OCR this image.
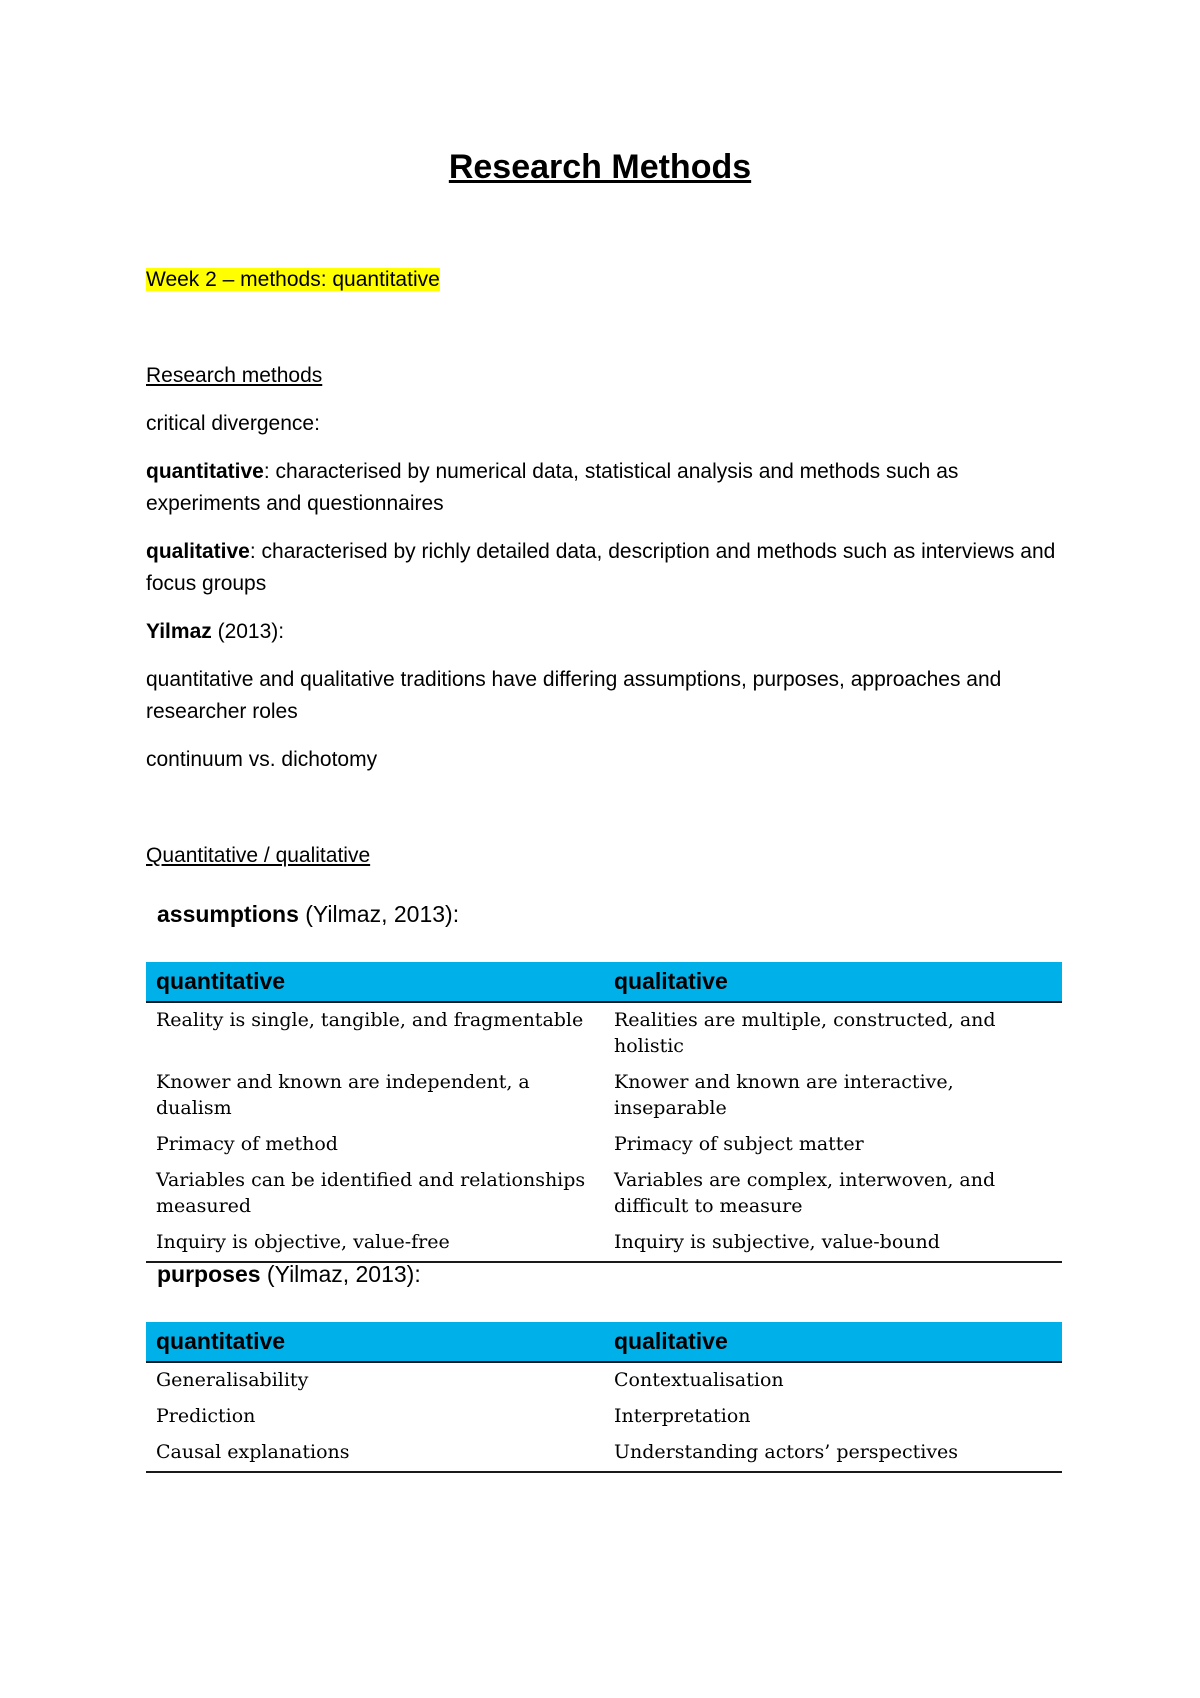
Research Methods
Week 2 – methods: quantitative
Research methods
critical divergence:
quantitative: characterised by numerical data, statistical analysis and methods such as experiments and questionnaires
qualitative: characterised by richly detailed data, description and methods such as interviews and focus groups
Yilmaz (2013):
quantitative and qualitative traditions have differing assumptions, purposes, approaches and researcher roles
continuum vs. dichotomy
Quantitative / qualitative
assumptions (Yilmaz, 2013):
quantitative	qualitative
Reality is single, tangible, and fragmentable	Realities are multiple, constructed, and holistic
Knower and known are independent, a dualism	Knower and known are interactive, inseparable
Primacy of method	Primacy of subject matter
Variables can be identified and relationships measured	Variables are complex, interwoven, and difficult to measure
Inquiry is objective, value-free	Inquiry is subjective, value-bound
purposes (Yilmaz, 2013):
quantitative	qualitative
Generalisability	Contextualisation
Prediction	Interpretation
Causal explanations	Understanding actors’ perspectives
